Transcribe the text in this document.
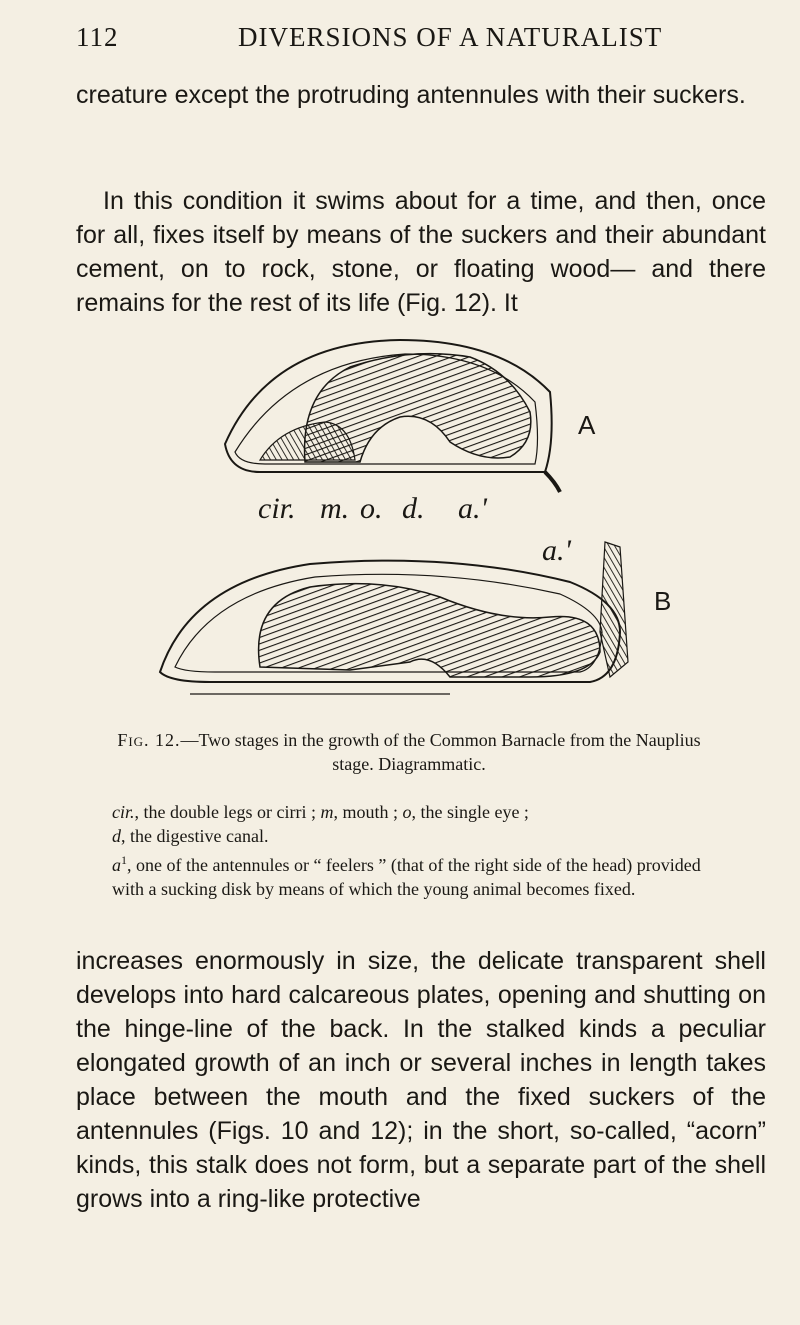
112	DIVERSIONS OF A NATURALIST

creature except the protruding antennules with their suckers.

In this condition it swims about for a time, and then, once for all, fixes itself by means of the suckers and their abundant cement, on to rock, stone, or floating wood— and there remains for the rest of its life (Fig. 12). It

A
cir. m. o. d. a.'
a.'
B

Fig. 12.—Two stages in the growth of the Common Barnacle from the Nauplius stage. Diagrammatic.

cir., the double legs or cirri ; m, mouth ; o, the single eye ;

d, the digestive canal.

$a^1$, one of the antennules or “ feelers ” (that of the right side of the head) provided with a sucking disk by means of which the young animal becomes fixed.

increases enormously in size, the delicate transparent shell develops into hard calcareous plates, opening and shutting on the hinge-line of the back. In the stalked kinds a peculiar elongated growth of an inch or several inches in length takes place between the mouth and the fixed suckers of the antennules (Figs. 10 and 12); in the short, so-called, “acorn” kinds, this stalk does not form, but a separate part of the shell grows into a ring-like protective
